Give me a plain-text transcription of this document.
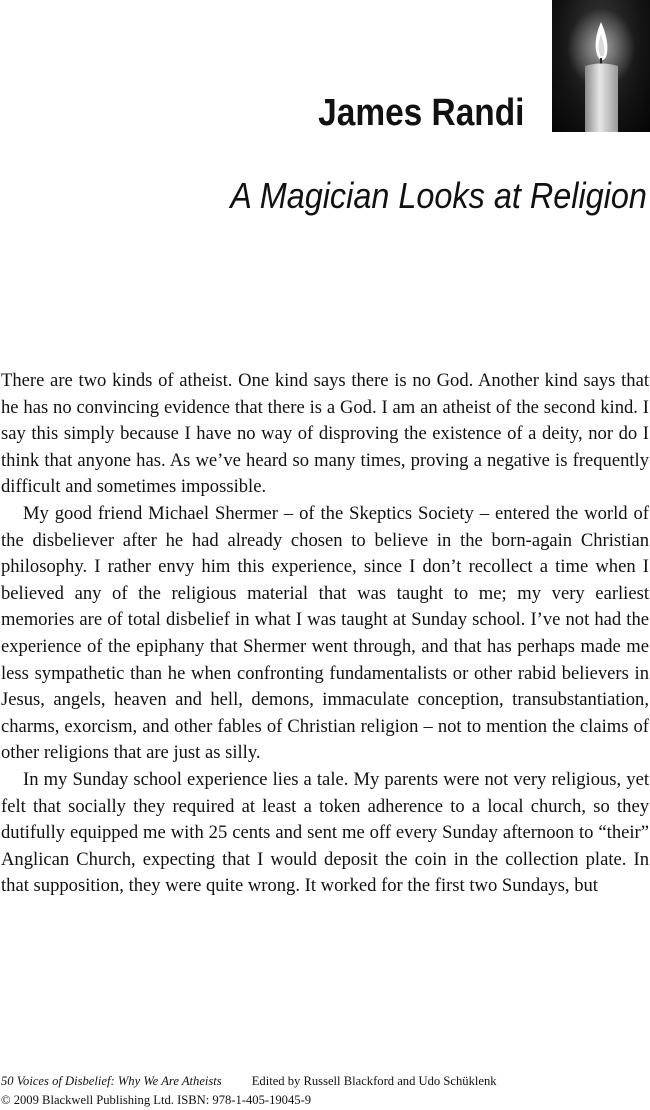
James Randi
A Magician Looks at Religion

There are two kinds of atheist. One kind says there is no God. Another kind says that he has no convincing evidence that there is a God. I am an atheist of the second kind. I say this simply because I have no way of disproving the existence of a deity, nor do I think that anyone has. As we’ve heard so many times, proving a negative is frequently difficult and sometimes impossible.

My good friend Michael Shermer – of the Skeptics Society – entered the world of the disbeliever after he had already chosen to believe in the born-again Christian philosophy. I rather envy him this experience, since I don’t recollect a time when I believed any of the religious material that was taught to me; my very earliest memories are of total disbelief in what I was taught at Sunday school. I’ve not had the experience of the epiphany that Shermer went through, and that has perhaps made me less sympathetic than he when confronting fundamentalists or other rabid believers in Jesus, angels, heaven and hell, demons, immaculate conception, transubstantiation, charms, exorcism, and other fables of Christian religion – not to mention the claims of other religions that are just as silly.

In my Sunday school experience lies a tale. My parents were not very religious, yet felt that socially they required at least a token adherence to a local church, so they dutifully equipped me with 25 cents and sent me off every Sunday afternoon to “their” Anglican Church, expecting that I would deposit the coin in the collection plate. In that supposition, they were quite wrong. It worked for the first two Sundays, but

50 Voices of Disbelief: Why We Are Atheists Edited by Russell Blackford and Udo Schüklenk
© 2009 Blackwell Publishing Ltd. ISBN: 978-1-405-19045-9
